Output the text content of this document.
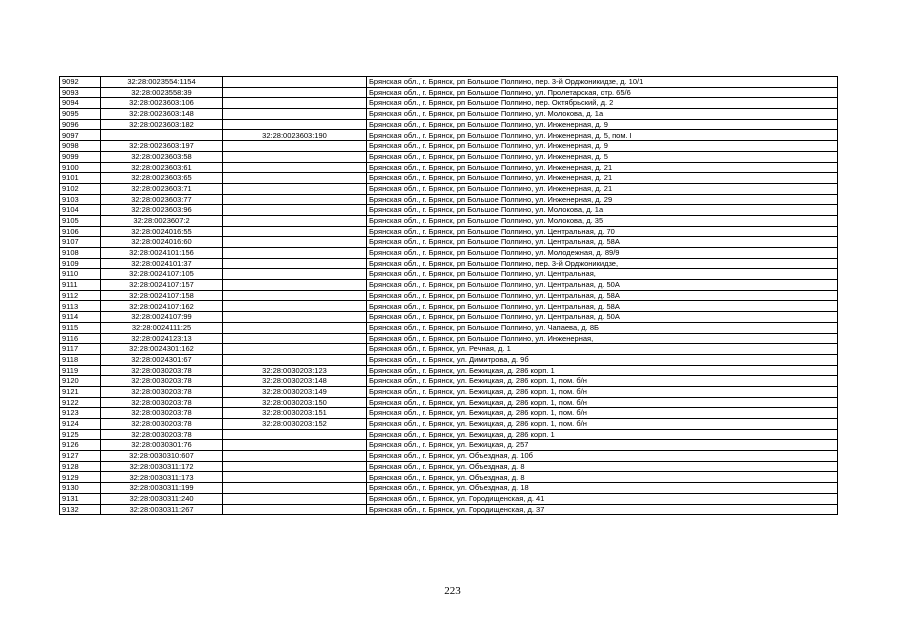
9092	32:28:0023554:1154		Брянская обл., г. Брянск, рп Большое Полпино, пер. 3-й Орджоникидзе, д. 10/1
9093	32:28:0023558:39		Брянская обл., г. Брянск, рп Большое Полпино, ул. Пролетарская, стр. 65/6
9094	32:28:0023603:106		Брянская обл., г. Брянск, рп Большое Полпино, пер. Октябрьский, д. 2
9095	32:28:0023603:148		Брянская обл., г. Брянск, рп Большое Полпино, ул. Молокова, д. 1а
9096	32:28:0023603:182		Брянская обл., г. Брянск, рп Большое Полпино, ул. Инженерная, д. 9
9097		32:28:0023603:190	Брянская обл., г. Брянск, рп Большое Полпино, ул. Инженерная, д. 5, пом. I
9098	32:28:0023603:197		Брянская обл., г. Брянск, рп Большое Полпино, ул. Инженерная, д. 9
9099	32:28:0023603:58		Брянская обл., г. Брянск, рп Большое Полпино, ул. Инженерная, д. 5
9100	32:28:0023603:61		Брянская обл., г. Брянск, рп Большое Полпино, ул. Инженерная, д. 21
9101	32:28:0023603:65		Брянская обл., г. Брянск, рп Большое Полпино, ул. Инженерная, д. 21
9102	32:28:0023603:71		Брянская обл., г. Брянск, рп Большое Полпино, ул. Инженерная, д. 21
9103	32:28:0023603:77		Брянская обл., г. Брянск, рп Большое Полпино, ул. Инженерная, д. 29
9104	32:28:0023603:96		Брянская обл., г. Брянск, рп Большое Полпино, ул. Молокова, д. 1а
9105	32:28:0023607:2		Брянская обл., г. Брянск, рп Большое Полпино, ул. Молокова, д. 35
9106	32:28:0024016:55		Брянская обл., г. Брянск, рп Большое Полпино, ул. Центральная, д. 70
9107	32:28:0024016:60		Брянская обл., г. Брянск, рп Большое Полпино, ул. Центральная, д. 58А
9108	32:28:0024101:156		Брянская обл., г. Брянск, рп Большое Полпино, ул. Молодежная, д. 89/9
9109	32:28:0024101:37		Брянская обл., г. Брянск, рп Большое Полпино, пер. 3-й Орджоникидзе,
9110	32:28:0024107:105		Брянская обл., г. Брянск, рп Большое Полпино, ул. Центральная,
9111	32:28:0024107:157		Брянская обл., г. Брянск, рп Большое Полпино, ул. Центральная, д. 50А
9112	32:28:0024107:158		Брянская обл., г. Брянск, рп Большое Полпино, ул. Центральная, д. 58А
9113	32:28:0024107:162		Брянская обл., г. Брянск, рп Большое Полпино, ул. Центральная, д. 58А
9114	32:28:0024107:99		Брянская обл., г. Брянск, рп Большое Полпино, ул. Центральная, д. 50А
9115	32:28:0024111:25		Брянская обл., г. Брянск, рп Большое Полпино, ул. Чапаева, д. 8Б
9116	32:28:0024123:13		Брянская обл., г. Брянск, рп Большое Полпино, ул. Инженерная,
9117	32:28:0024301:162		Брянская обл., г. Брянск, ул. Речная, д. 1
9118	32:28:0024301:67		Брянская обл., г. Брянск, ул. Димитрова, д. 9б
9119	32:28:0030203:78	32:28:0030203:123	Брянская обл., г. Брянск, ул. Бежицкая, д. 286 корп. 1
9120	32:28:0030203:78	32:28:0030203:148	Брянская обл., г. Брянск, ул. Бежицкая, д. 286 корп. 1, пом. б/н
9121	32:28:0030203:78	32:28:0030203:149	Брянская обл., г. Брянск, ул. Бежицкая, д. 286 корп. 1, пом. б/н
9122	32:28:0030203:78	32:28:0030203:150	Брянская обл., г. Брянск, ул. Бежицкая, д. 286 корп. 1, пом. б/н
9123	32:28:0030203:78	32:28:0030203:151	Брянская обл., г. Брянск, ул. Бежицкая, д. 286 корп. 1, пом. б/н
9124	32:28:0030203:78	32:28:0030203:152	Брянская обл., г. Брянск, ул. Бежицкая, д. 286 корп. 1, пом. б/н
9125	32:28:0030203:78		Брянская обл., г. Брянск, ул. Бежицкая, д. 286 корп. 1
9126	32:28:0030301:76		Брянская обл., г. Брянск, ул. Бежицкая, д. 257
9127	32:28:0030310:607		Брянская обл., г. Брянск, ул. Объездная, д. 10б
9128	32:28:0030311:172		Брянская обл., г. Брянск, ул. Объездная, д. 8
9129	32:28:0030311:173		Брянская обл., г. Брянск, ул. Объездная, д. 8
9130	32:28:0030311:199		Брянская обл., г. Брянск, ул. Объездная, д. 18
9131	32:28:0030311:240		Брянская обл., г. Брянск, ул. Городищенская, д. 41
9132	32:28:0030311:267		Брянская обл., г. Брянск, ул. Городищенская, д. 37
223
